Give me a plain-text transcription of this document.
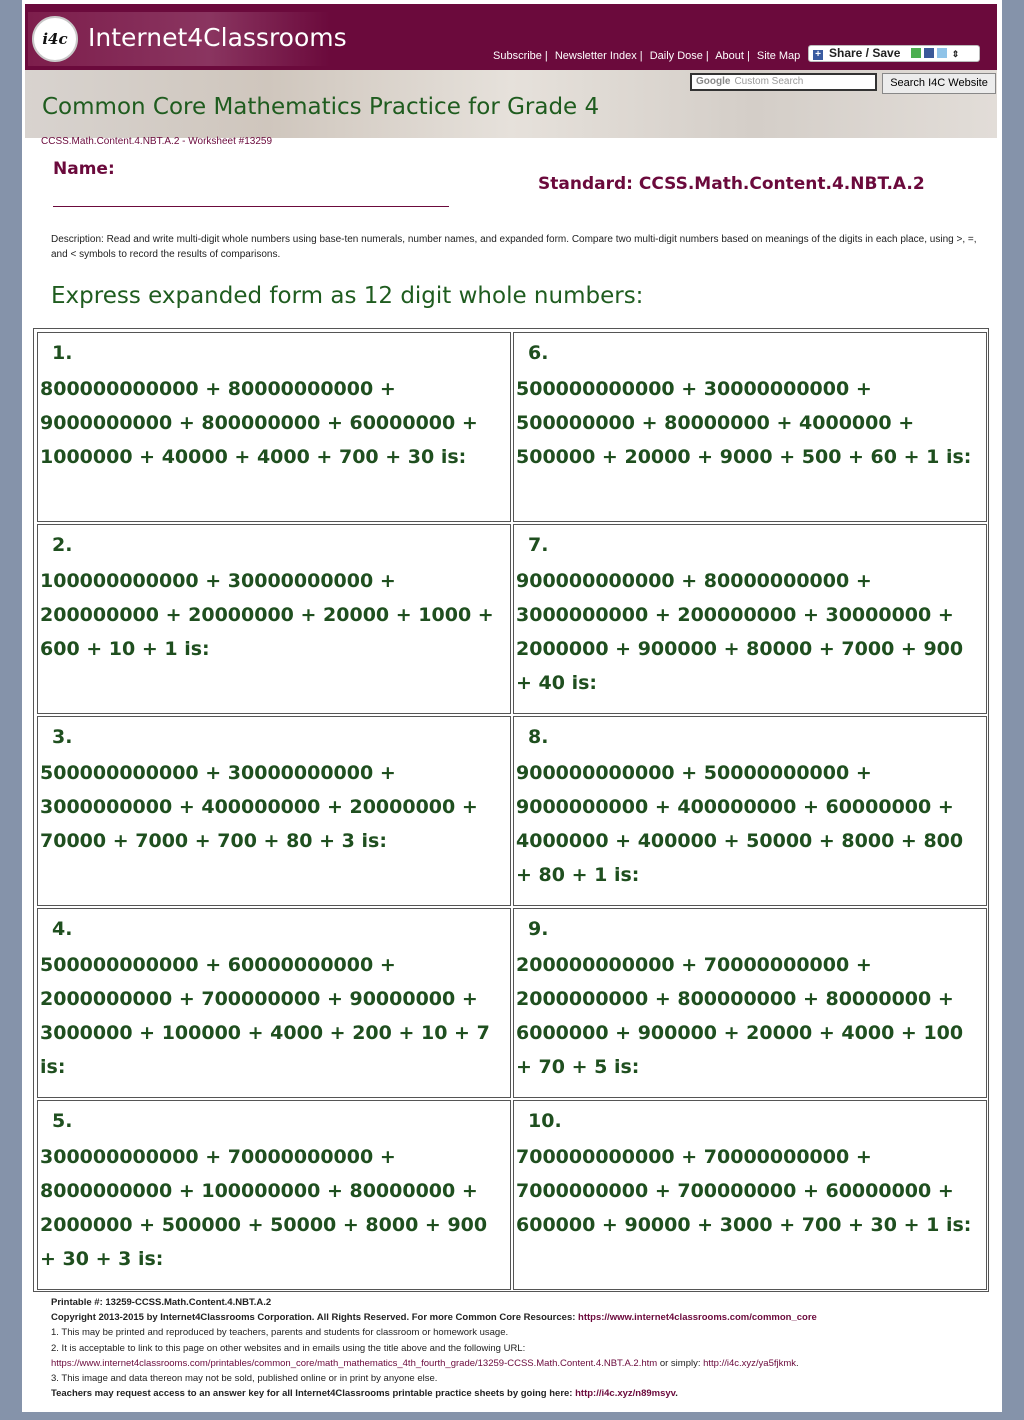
i4c Internet4Classrooms
Subscribe | Newsletter Index | Daily Dose | About | Site Map	+ Share / Save	⇕
Google Custom Search	Search I4C Website
Common Core Mathematics Practice for Grade 4
CCSS.Math.Content.4.NBT.A.2 - Worksheet #13259
Name:
Standard: CCSS.Math.Content.4.NBT.A.2
Description: Read and write multi-digit whole numbers using base-ten numerals, number names, and expanded form. Compare two multi-digit numbers based on meanings of the digits in each place, using >, =, and < symbols to record the results of comparisons.
Express expanded form as 12 digit whole numbers:
1.
800000000000 + 80000000000 + 9000000000 + 800000000 + 60000000 + 1000000 + 40000 + 4000 + 700 + 30 is:
2.
100000000000 + 30000000000 + 200000000 + 20000000 + 20000 + 1000 + 600 + 10 + 1 is:
3.
500000000000 + 30000000000 + 3000000000 + 400000000 + 20000000 + 70000 + 7000 + 700 + 80 + 3 is:
4.
500000000000 + 60000000000 + 2000000000 + 700000000 + 90000000 + 3000000 + 100000 + 4000 + 200 + 10 + 7 is:
5.
300000000000 + 70000000000 + 8000000000 + 100000000 + 80000000 + 2000000 + 500000 + 50000 + 8000 + 900 + 30 + 3 is:
6.
500000000000 + 30000000000 + 500000000 + 80000000 + 4000000 + 500000 + 20000 + 9000 + 500 + 60 + 1 is:
7.
900000000000 + 80000000000 + 3000000000 + 200000000 + 30000000 + 2000000 + 900000 + 80000 + 7000 + 900 + 40 is:
8.
900000000000 + 50000000000 + 9000000000 + 400000000 + 60000000 + 4000000 + 400000 + 50000 + 8000 + 800 + 80 + 1 is:
9.
200000000000 + 70000000000 + 2000000000 + 800000000 + 80000000 + 6000000 + 900000 + 20000 + 4000 + 100 + 70 + 5 is:
10.
700000000000 + 70000000000 + 7000000000 + 700000000 + 60000000 + 600000 + 90000 + 3000 + 700 + 30 + 1 is:
Printable #: 13259-CCSS.Math.Content.4.NBT.A.2
Copyright 2013-2015 by Internet4Classrooms Corporation. All Rights Reserved. For more Common Core Resources: https://www.internet4classrooms.com/common_core
1. This may be printed and reproduced by teachers, parents and students for classroom or homework usage.
2. It is acceptable to link to this page on other websites and in emails using the title above and the following URL:
https://www.internet4classrooms.com/printables/common_core/math_mathematics_4th_fourth_grade/13259-CCSS.Math.Content.4.NBT.A.2.htm or simply: http://i4c.xyz/ya5fjkmk.
3. This image and data thereon may not be sold, published online or in print by anyone else.
Teachers may request access to an answer key for all Internet4Classrooms printable practice sheets by going here: http://i4c.xyz/n89msyv.
